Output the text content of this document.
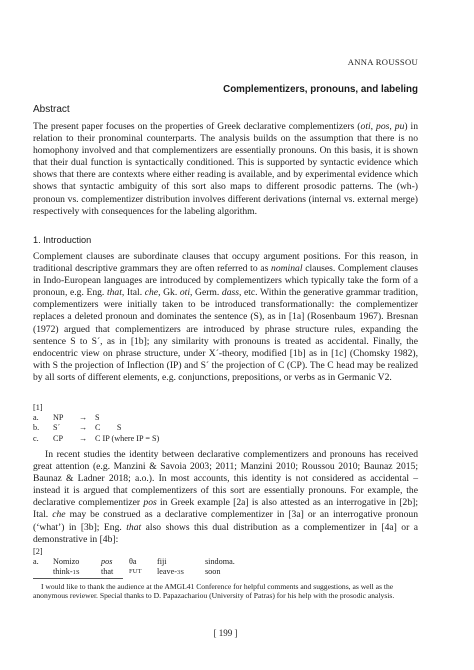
ANNA ROUSSOU
Complementizers, pronouns, and labeling
Abstract

The present paper focuses on the properties of Greek declarative complementizers (oti, pos, pu) in relation to their pronominal counterparts. The analysis builds on the assumption that there is no homophony involved and that complementizers are essentially pronouns. On this basis, it is shown that their dual function is syntactically conditioned. This is supported by syntactic evidence which shows that there are contexts where either reading is available, and by experimental evidence which shows that syntactic ambiguity of this sort also maps to different prosodic patterns. The (wh-) pronoun vs. complementizer distribution involves different derivations (internal vs. external merge) respectively with consequences for the labeling algorithm.

1. Introduction

Complement clauses are subordinate clauses that occupy argument positions. For this reason, in traditional descriptive grammars they are often referred to as nominal clauses. Complement clauses in Indo-European languages are introduced by complementizers which typically take the form of a pronoun, e.g. Eng. that, Ital. che, Gk. oti, Germ. dass, etc. Within the generative grammar tradition, complementizers were initially taken to be introduced transformationally: the complementizer replaces a deleted pronoun and dominates the sentence (S), as in [1a] (Rosenbaum 1967). Bresnan (1972) argued that complementizers are introduced by phrase structure rules, expanding the sentence S to S´, as in [1b]; any similarity with pronouns is treated as accidental. Finally, the endocentric view on phrase structure, under X´-theory, modified [1b] as in [1c] (Chomsky 1982), with S the projection of Inflection (IP) and S´ the projection of C (CP). The C head may be realized by all sorts of different elements, e.g. conjunctions, prepositions, or verbs as in Germanic V2.

[1]
a.	NP	→ S
b.	S´	→ C        S
c.	CP	→ C IP (where IP = S)

In recent studies the identity between declarative complementizers and pronouns has received great attention (e.g. Manzini & Savoia 2003; 2011; Manzini 2010; Roussou 2010; Baunaz 2015; Baunaz & Ladner 2018; a.o.). In most accounts, this identity is not considered as accidental – instead it is argued that complementizers of this sort are essentially pronouns. For example, the declarative complementizer pos in Greek example [2a] is also attested as an interrogative in [2b]; Ital. che may be construed as a declarative complementizer in [3a] or an interrogative pronoun (‘what’) in [3b]; Eng. that also shows this dual distribution as a complementizer in [4a] or a demonstrative in [4b]:

[2]
a.	Nomizo	pos	θa	fiji	sindoma.
think-1S	that	FUT	leave-3S	soon
I would like to thank the audience at the AMGL41 Conference for helpful comments and suggestions, as well as the anonymous reviewer. Special thanks to D. Papazachariou (University of Patras) for his help with the prosodic analysis.
[ 199 ]
